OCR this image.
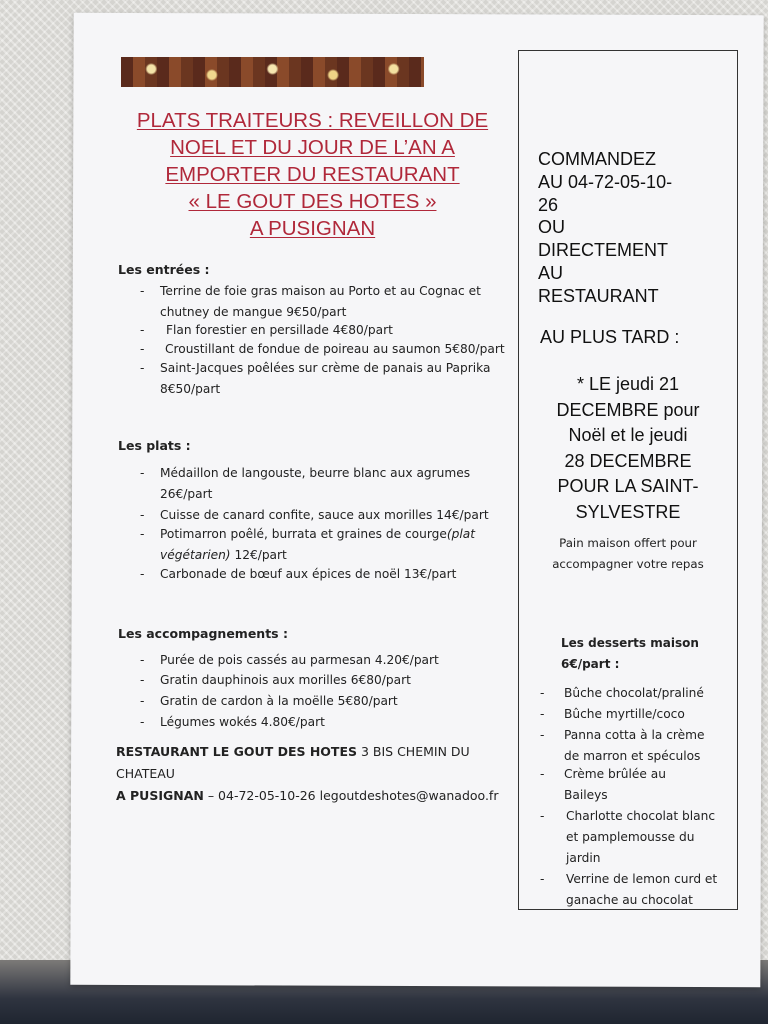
PLATS TRAITEURS : REVEILLON DE
NOEL ET DU JOUR DE L’AN A
EMPORTER DU RESTAURANT
« LE GOUT DES HOTES »
A PUSIGNAN
Les entrées :
- Terrine de foie gras maison au Porto et au Cognac et chutney de mangue 9€50/part
- Flan forestier en persillade 4€80/part
- Croustillant de fondue de poireau au saumon 5€80/part
- Saint-Jacques poêlées sur crème de panais au Paprika 8€50/part
Les plats :
- Médaillon de langouste, beurre blanc aux agrumes 26€/part
- Cuisse de canard confite, sauce aux morilles 14€/part
- Potimarron poêlé, burrata et graines de courge(plat végétarien) 12€/part
- Carbonade de bœuf aux épices de noël 13€/part
Les accompagnements :
- Purée de pois cassés au parmesan 4.20€/part
- Gratin dauphinois aux morilles 6€80/part
- Gratin de cardon à la moëlle 5€80/part
- Légumes wokés 4.80€/part
RESTAURANT LE GOUT DES HOTES 3 BIS CHEMIN DU CHATEAU
A PUSIGNAN – 04-72-05-10-26 legoutdeshotes@wanadoo.fr
COMMANDEZ
AU 04-72-05-10-
26
OU
DIRECTEMENT
AU
RESTAURANT
AU PLUS TARD :
* LE jeudi 21
DECEMBRE pour
Noël et le jeudi
28 DECEMBRE
POUR LA SAINT-
SYLVESTRE
Pain maison offert pour
accompagner votre repas
Les desserts maison
6€/part :
- Bûche chocolat/praliné
- Bûche myrtille/coco
- Panna cotta à la crème de marron et spéculos
- Crème brûlée au Baileys
- Charlotte chocolat blanc et pamplemousse du jardin
- Verrine de lemon curd et ganache au chocolat
